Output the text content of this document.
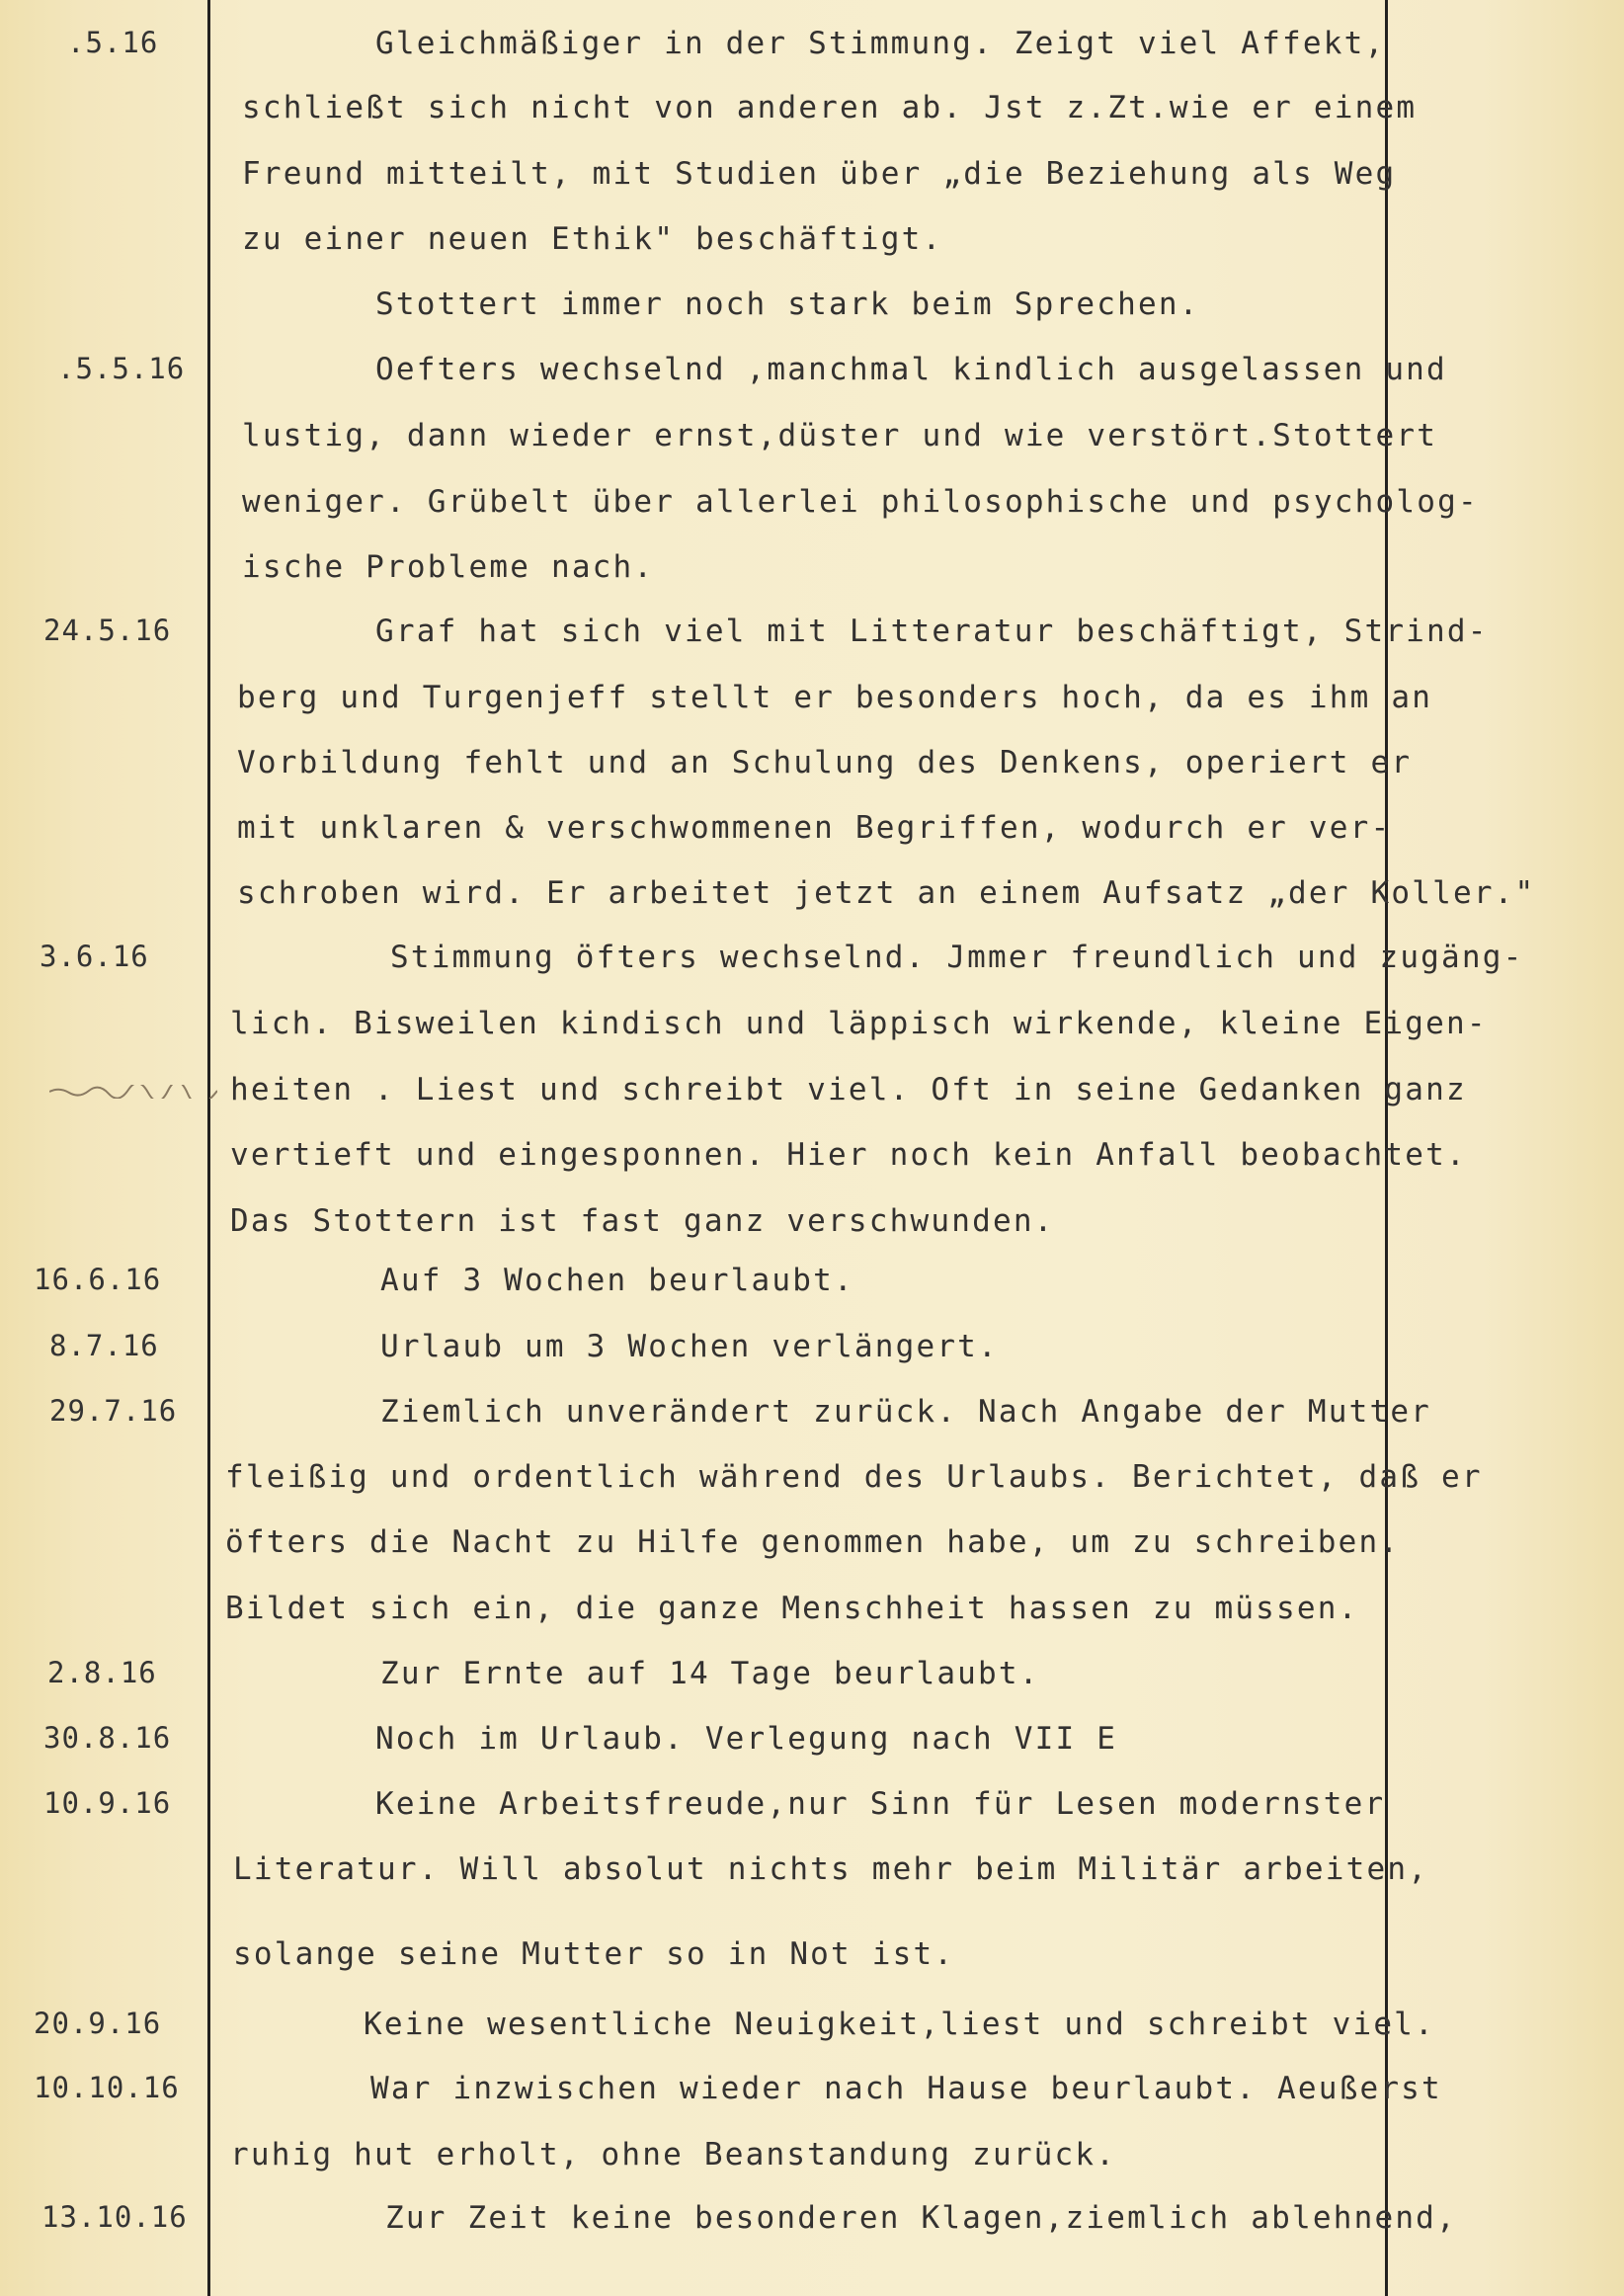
.5.16
.5.5.16
24.5.16
3.6.16
16.6.16
8.7.16
29.7.16
2.8.16
30.8.16
10.9.16
20.9.16
10.10.16
13.10.16
Gleichmäßiger in der Stimmung. Zeigt viel Affekt,
schließt sich nicht von anderen ab. Jst z.Zt.wie er einem
Freund mitteilt, mit Studien über „die Beziehung als Weg
zu einer neuen Ethik" beschäftigt.
Stottert immer noch stark beim Sprechen.
Oefters wechselnd ,manchmal kindlich ausgelassen und
lustig, dann wieder ernst,düster und wie verstört.Stottert
weniger. Grübelt über allerlei philosophische und psycholog-
ische Probleme nach.
Graf hat sich viel mit Litteratur beschäftigt, Strind-
berg und Turgenjeff stellt er besonders hoch, da es ihm an
Vorbildung fehlt und an Schulung des Denkens, operiert er
mit unklaren & verschwommenen Begriffen, wodurch er ver-
schroben wird. Er arbeitet jetzt an einem Aufsatz „der Koller."
Stimmung öfters wechselnd. Jmmer freundlich und zugäng-
lich. Bisweilen kindisch und läppisch wirkende, kleine Eigen-
heiten . Liest und schreibt viel. Oft in seine Gedanken ganz
vertieft und eingesponnen. Hier noch kein Anfall beobachtet.
Das Stottern ist fast ganz verschwunden.
Auf 3 Wochen beurlaubt.
Urlaub um 3 Wochen verlängert.
Ziemlich unverändert zurück. Nach Angabe der Mutter
fleißig und ordentlich während des Urlaubs. Berichtet, daß er
öfters die Nacht zu Hilfe genommen habe, um zu schreiben.
Bildet sich ein, die ganze Menschheit hassen zu müssen.
Zur Ernte auf 14 Tage beurlaubt.
Noch im Urlaub. Verlegung nach VII E
Keine Arbeitsfreude,nur Sinn für Lesen modernster
Literatur. Will absolut nichts mehr beim Militär arbeiten,
solange seine Mutter so in Not ist.
Keine wesentliche Neuigkeit,liest und schreibt viel.
War inzwischen wieder nach Hause beurlaubt. Aeußerst
ruhig hut erholt, ohne Beanstandung zurück.
Zur Zeit keine besonderen Klagen,ziemlich ablehnend,
